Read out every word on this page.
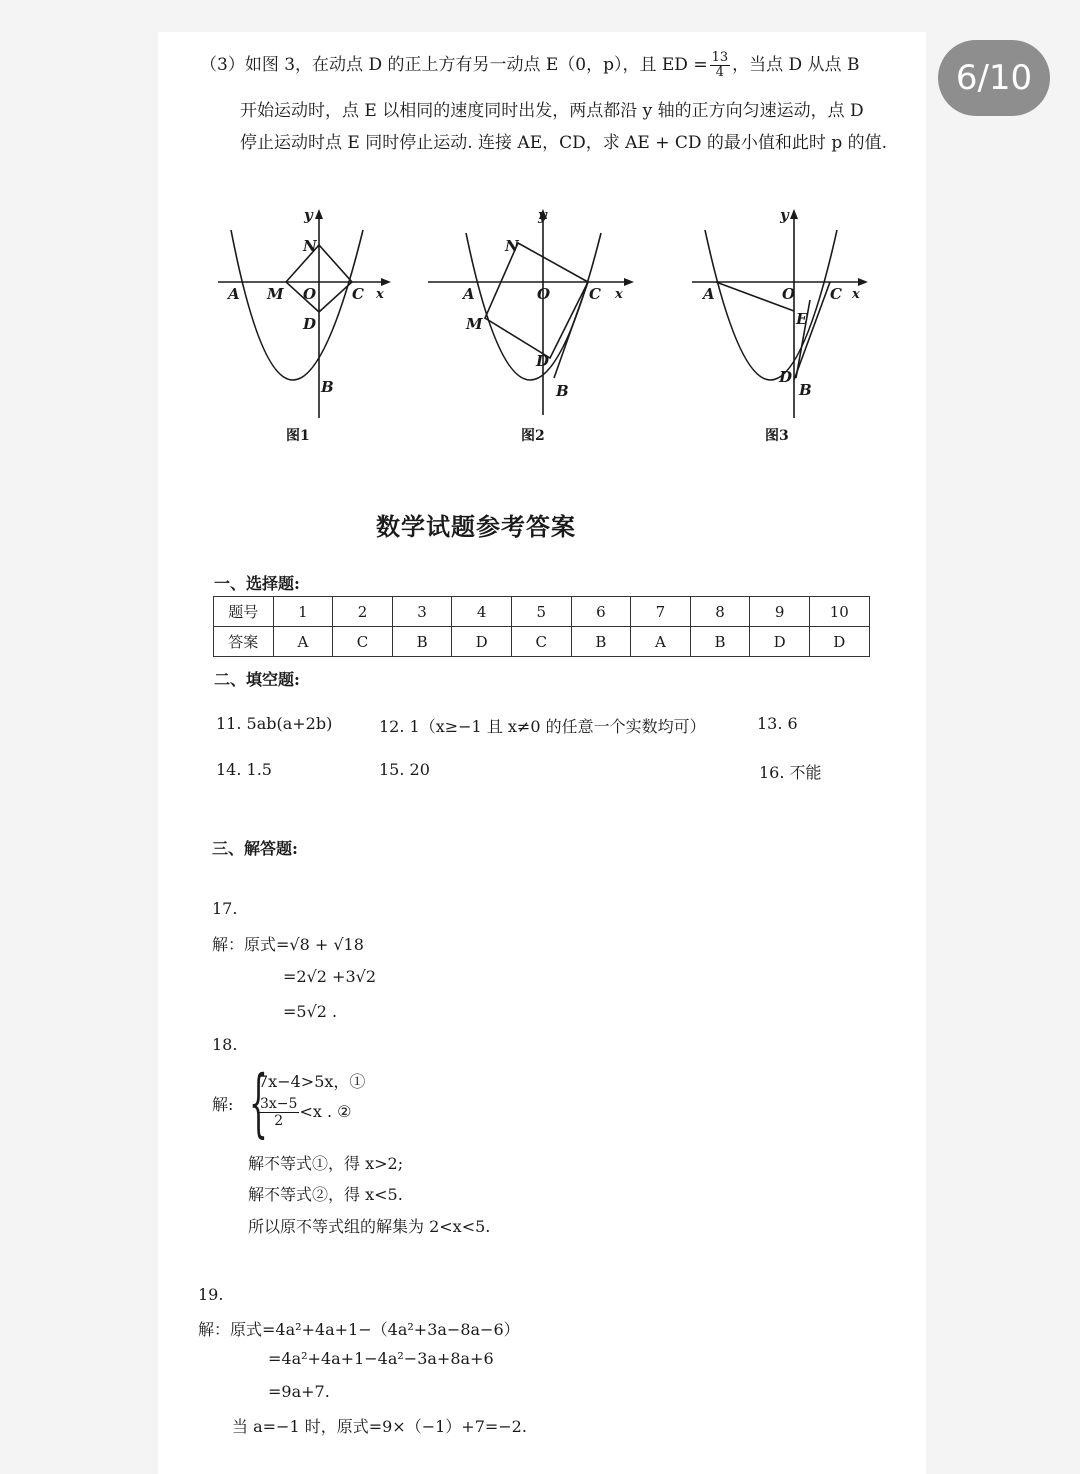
6/10
（3）如图 3，在动点 D 的正上方有另一动点 E（0，p），且 ED = $\frac{13}{4}$ ，当点 D 从点 B
开始运动时，点 E 以相同的速度同时出发，两点都沿 y 轴的正方向匀速运动，点 D
停止运动时点 E 同时停止运动. 连接 AE，CD，求 AE + CD 的最小值和此时 p 的值.
y
x
A M O C
N
D
B
y
x
A	O	C
N
M
D
B
y
x
A	O C
E
D
B
图1	图2	图3
数学试题参考答案
一、选择题:
题号	1	2	3	4	5	6	7	8	9	10
答案	A	C	B	D	C	B	A	B	D	D
二、填空题:
11. 5ab(a+2b)	12. 1（x≥−1 且 x≠0 的任意一个实数均可）	13. 6
14. 1.5	15. 20	16. 不能
三、解答题:
17.
解：原式=√8 + √18
=2√2 +3√2
=5√2 .
18.
解: {
7x−4>5x，①
$\frac{3x-5}{2}<x$ . ②
解不等式①，得 x>2;
解不等式②，得 x<5.
所以原不等式组的解集为 2<x<5.
19.
解：原式=4a²+4a+1−（4a²+3a−8a−6）
=4a²+4a+1−4a²−3a+8a+6
=9a+7.
当 a=−1 时，原式=9×（−1）+7=−2.
